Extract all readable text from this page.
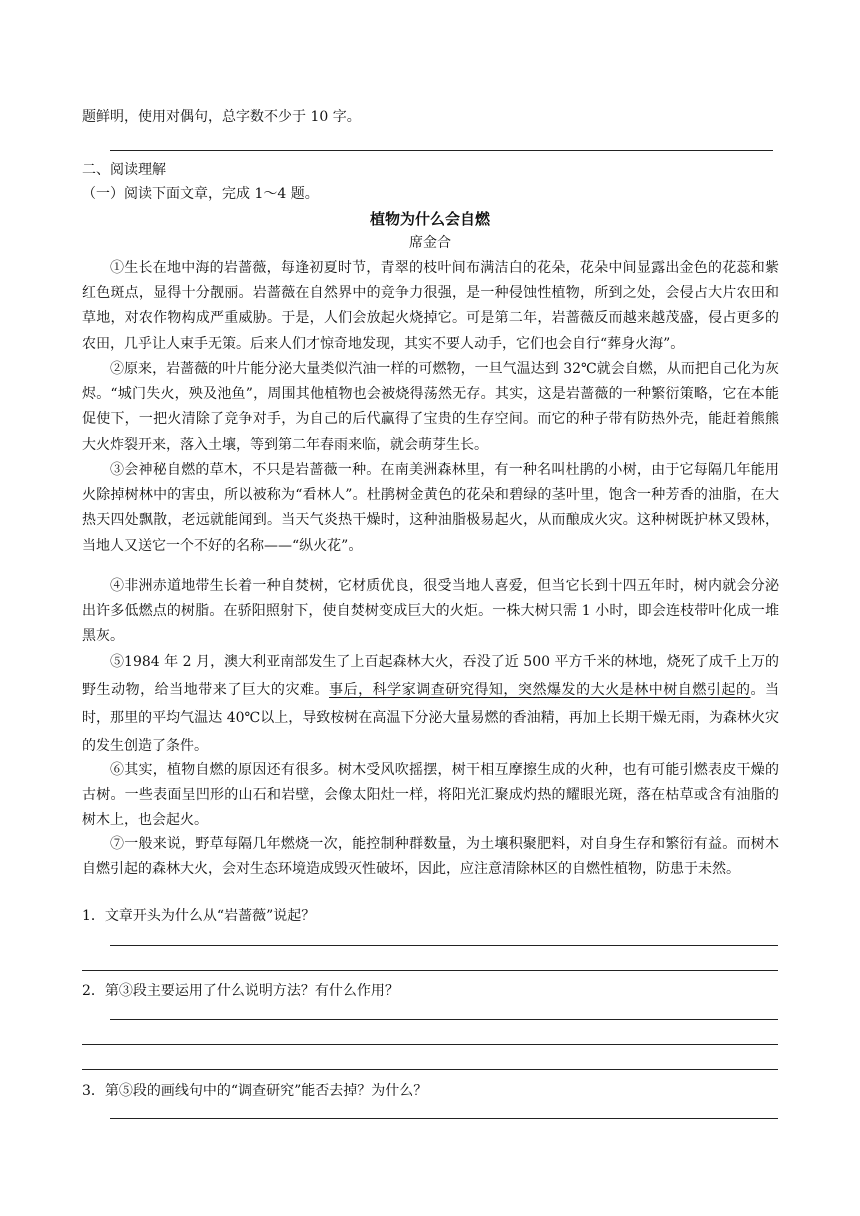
题鲜明，使用对偶句，总字数不少于 10 字。
二、阅读理解
（一）阅读下面文章，完成 1～4 题。
植物为什么会自燃
席金合
①生长在地中海的岩蔷薇，每逢初夏时节，青翠的枝叶间布满洁白的花朵，花朵中间显露出金色的花蕊和紫红色斑点，显得十分靓丽。岩蔷薇在自然界中的竞争力很强，是一种侵蚀性植物，所到之处，会侵占大片农田和草地，对农作物构成严重威胁。于是，人们会放起火烧掉它。可是第二年，岩蔷薇反而越来越茂盛，侵占更多的农田，几乎让人束手无策。后来人们才惊奇地发现，其实不要人动手，它们也会自行“葬身火海”。
②原来，岩蔷薇的叶片能分泌大量类似汽油一样的可燃物，一旦气温达到 32℃就会自燃，从而把自己化为灰烬。“城门失火，殃及池鱼”，周围其他植物也会被烧得荡然无存。其实，这是岩蔷薇的一种繁衍策略，它在本能促使下，一把火清除了竞争对手，为自己的后代赢得了宝贵的生存空间。而它的种子带有防热外壳，能赶着熊熊大火炸裂开来，落入土壤，等到第二年春雨来临，就会萌芽生长。
③会神秘自燃的草木，不只是岩蔷薇一种。在南美洲森林里，有一种名叫杜鹃的小树，由于它每隔几年能用火除掉树林中的害虫，所以被称为“看林人”。杜鹃树金黄色的花朵和碧绿的茎叶里，饱含一种芳香的油脂，在大热天四处飘散，老远就能闻到。当天气炎热干燥时，这种油脂极易起火，从而酿成火灾。这种树既护林又毁林，当地人又送它一个不好的名称——“纵火花”。
④非洲赤道地带生长着一种自焚树，它材质优良，很受当地人喜爱，但当它长到十四五年时，树内就会分泌出许多低燃点的树脂。在骄阳照射下，使自焚树变成巨大的火炬。一株大树只需 1 小时，即会连枝带叶化成一堆黑灰。
⑤1984 年 2 月，澳大利亚南部发生了上百起森林大火，吞没了近 500 平方千米的林地，烧死了成千上万的野生动物，给当地带来了巨大的灾难。事后，科学家调查研究得知，突然爆发的大火是林中树自燃引起的。当时，那里的平均气温达 40℃以上，导致桉树在高温下分泌大量易燃的香油精，再加上长期干燥无雨，为森林火灾的发生创造了条件。
⑥其实，植物自燃的原因还有很多。树木受风吹摇摆，树干相互摩擦生成的火种，也有可能引燃表皮干燥的古树。一些表面呈凹形的山石和岩壁，会像太阳灶一样，将阳光汇聚成灼热的耀眼光斑，落在枯草或含有油脂的树木上，也会起火。
⑦一般来说，野草每隔几年燃烧一次，能控制种群数量，为土壤积聚肥料，对自身生存和繁衍有益。而树木自燃引起的森林大火，会对生态环境造成毁灭性破坏，因此，应注意清除林区的自燃性植物，防患于未然。
1．文章开头为什么从“岩蔷薇”说起？
2．第③段主要运用了什么说明方法？有什么作用？
3．第⑤段的画线句中的“调查研究”能否去掉？为什么？
